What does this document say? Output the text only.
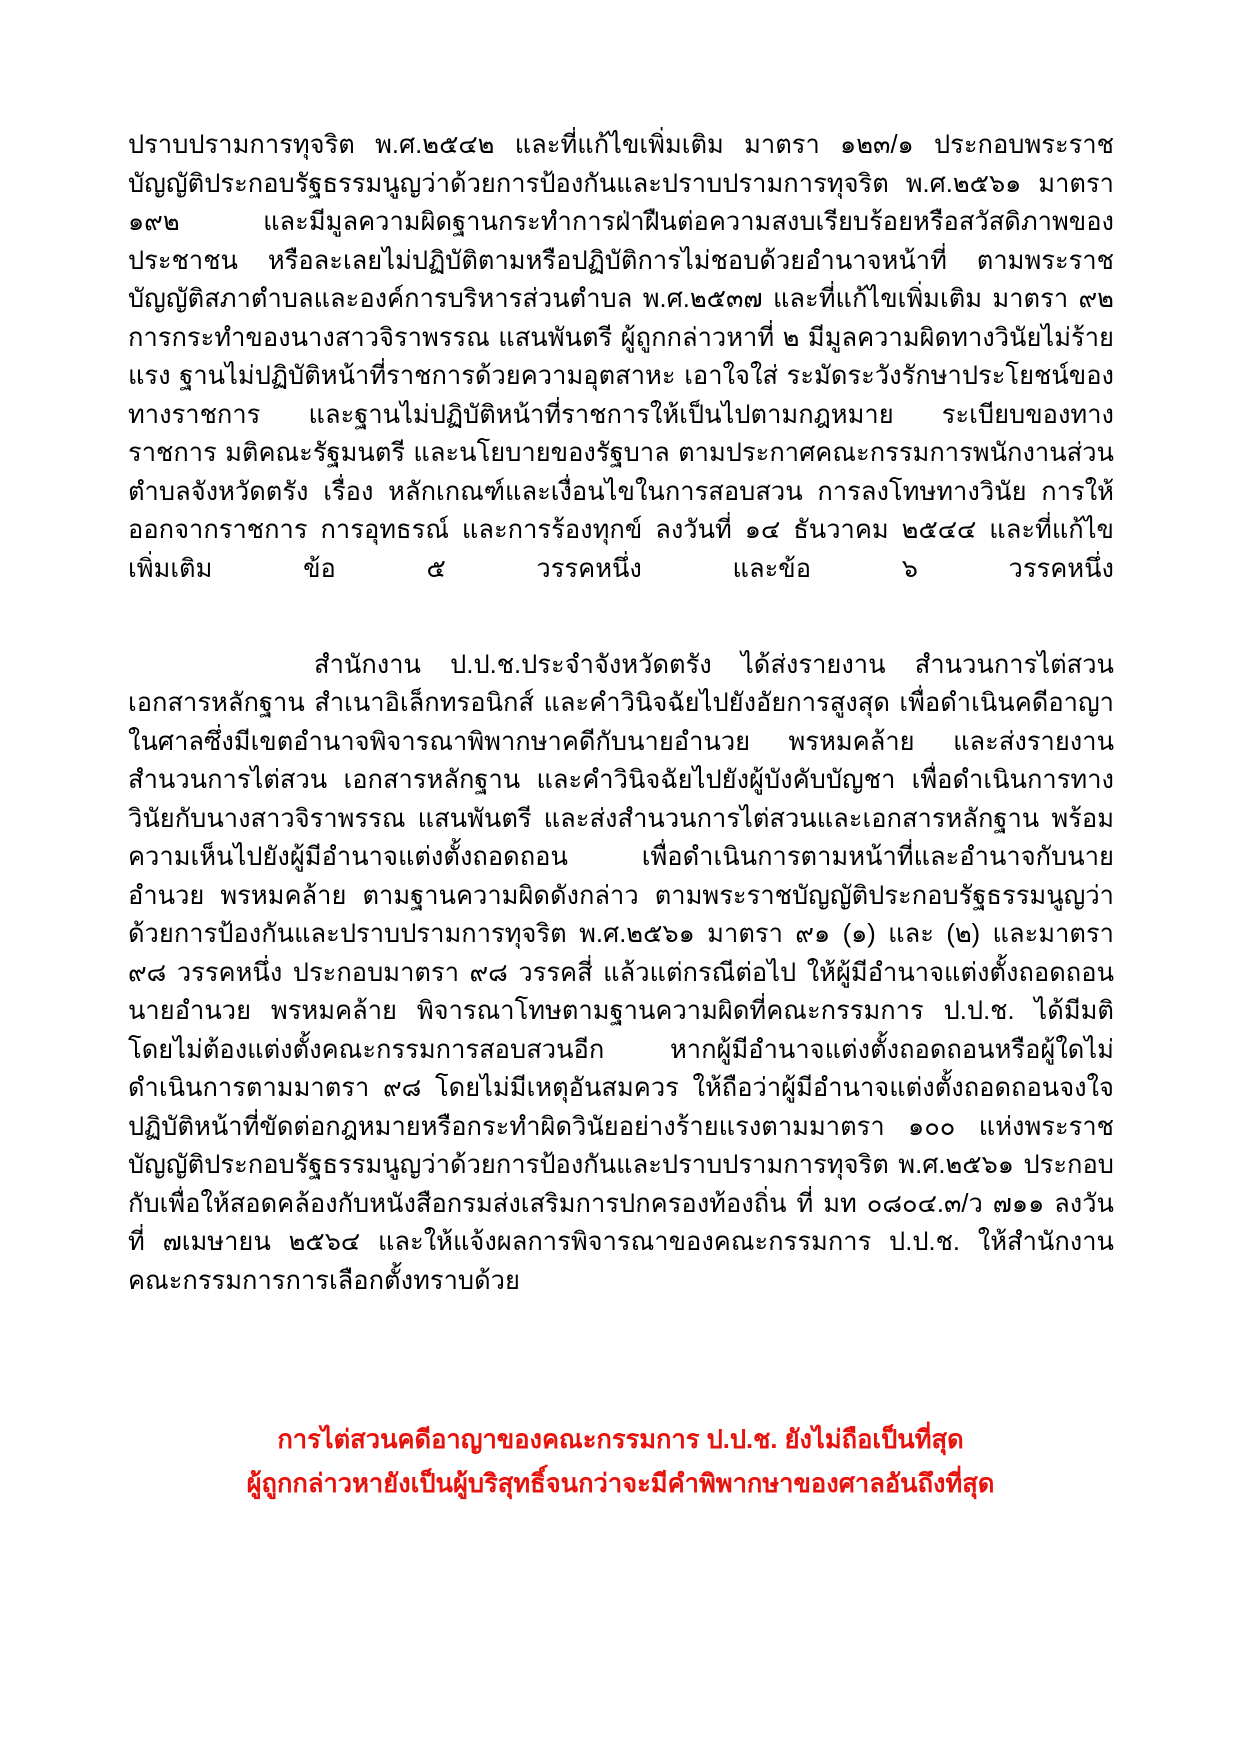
ปราบปรามการทุจริต พ.ศ.๒๕๔๒ และที่แก้ไขเพิ่มเติม มาตรา ๑๒๓/๑ ประกอบพระราชบัญญัติประกอบรัฐธรรมนูญว่าด้วยการป้องกันและปราบปรามการทุจริต พ.ศ.๒๕๖๑ มาตรา ๑๙๒ และมีมูลความผิดฐานกระทำการฝ่าฝืนต่อความสงบเรียบร้อยหรือสวัสดิภาพของประชาชน หรือละเลยไม่ปฏิบัติตามหรือปฏิบัติการไม่ชอบด้วยอำนาจหน้าที่ ตามพระราชบัญญัติสภาตำบลและองค์การบริหารส่วนตำบล พ.ศ.๒๕๓๗ และที่แก้ไขเพิ่มเติม มาตรา ๙๒ การกระทำของนางสาวจิราพรรณ แสนพันตรี ผู้ถูกกล่าวหาที่ ๒ มีมูลความผิดทางวินัยไม่ร้ายแรง ฐานไม่ปฏิบัติหน้าที่ราชการด้วยความอุตสาหะ เอาใจใส่ ระมัดระวังรักษาประโยชน์ของทางราชการ และฐานไม่ปฏิบัติหน้าที่ราชการให้เป็นไปตามกฎหมาย ระเบียบของทางราชการ มติคณะรัฐมนตรี และนโยบายของรัฐบาล ตามประกาศคณะกรรมการพนักงานส่วนตำบลจังหวัดตรัง เรื่อง หลักเกณฑ์และเงื่อนไขในการสอบสวน การลงโทษทางวินัย การให้ออกจากราชการ การอุทธรณ์ และการร้องทุกข์ ลงวันที่ ๑๔ ธันวาคม ๒๕๔๔ และที่แก้ไขเพิ่มเติม ข้อ ๕ วรรคหนึ่ง และข้อ ๖ วรรคหนึ่ง

สำนักงาน ป.ป.ช.ประจำจังหวัดตรัง ได้ส่งรายงาน สำนวนการไต่สวน เอกสารหลักฐาน สำเนาอิเล็กทรอนิกส์ และคำวินิจฉัยไปยังอัยการสูงสุด เพื่อดำเนินคดีอาญาในศาลซึ่งมีเขตอำนาจพิจารณาพิพากษาคดีกับนายอำนวย พรหมคล้าย และส่งรายงาน สำนวนการไต่สวน เอกสารหลักฐาน และคำวินิจฉัยไปยังผู้บังคับบัญชา เพื่อดำเนินการทางวินัยกับนางสาวจิราพรรณ แสนพันตรี และส่งสำนวนการไต่สวนและเอกสารหลักฐาน พร้อมความเห็นไปยังผู้มีอำนาจแต่งตั้งถอดถอน เพื่อดำเนินการตามหน้าที่และอำนาจกับนายอำนวย พรหมคล้าย ตามฐานความผิดดังกล่าว ตามพระราชบัญญัติประกอบรัฐธรรมนูญว่าด้วยการป้องกันและปราบปรามการทุจริต พ.ศ.๒๕๖๑ มาตรา ๙๑ (๑) และ (๒) และมาตรา ๙๘ วรรคหนึ่ง ประกอบมาตรา ๙๘ วรรคสี่ แล้วแต่กรณีต่อไป ให้ผู้มีอำนาจแต่งตั้งถอดถอนนายอำนวย พรหมคล้าย พิจารณาโทษตามฐานความผิดที่คณะกรรมการ ป.ป.ช. ได้มีมติ โดยไม่ต้องแต่งตั้งคณะกรรมการสอบสวนอีก หากผู้มีอำนาจแต่งตั้งถอดถอนหรือผู้ใดไม่ดำเนินการตามมาตรา ๙๘ โดยไม่มีเหตุอันสมควร ให้ถือว่าผู้มีอำนาจแต่งตั้งถอดถอนจงใจปฏิบัติหน้าที่ขัดต่อกฎหมายหรือกระทำผิดวินัยอย่างร้ายแรงตามมาตรา ๑๐๐ แห่งพระราชบัญญัติประกอบรัฐธรรมนูญว่าด้วยการป้องกันและปราบปรามการทุจริต พ.ศ.๒๕๖๑ ประกอบกับเพื่อให้สอดคล้องกับหนังสือกรมส่งเสริมการปกครองท้องถิ่น ที่ มท ๐๘๐๔.๓/ว ๗๑๑ ลงวันที่ ๗เมษายน ๒๕๖๔ และให้แจ้งผลการพิจารณาของคณะกรรมการ ป.ป.ช. ให้สำนักงานคณะกรรมการการเลือกตั้งทราบด้วย

การไต่สวนคดีอาญาของคณะกรรมการ ป.ป.ช. ยังไม่ถือเป็นที่สุด

ผู้ถูกกล่าวหายังเป็นผู้บริสุทธิ์จนกว่าจะมีคำพิพากษาของศาลอันถึงที่สุด
